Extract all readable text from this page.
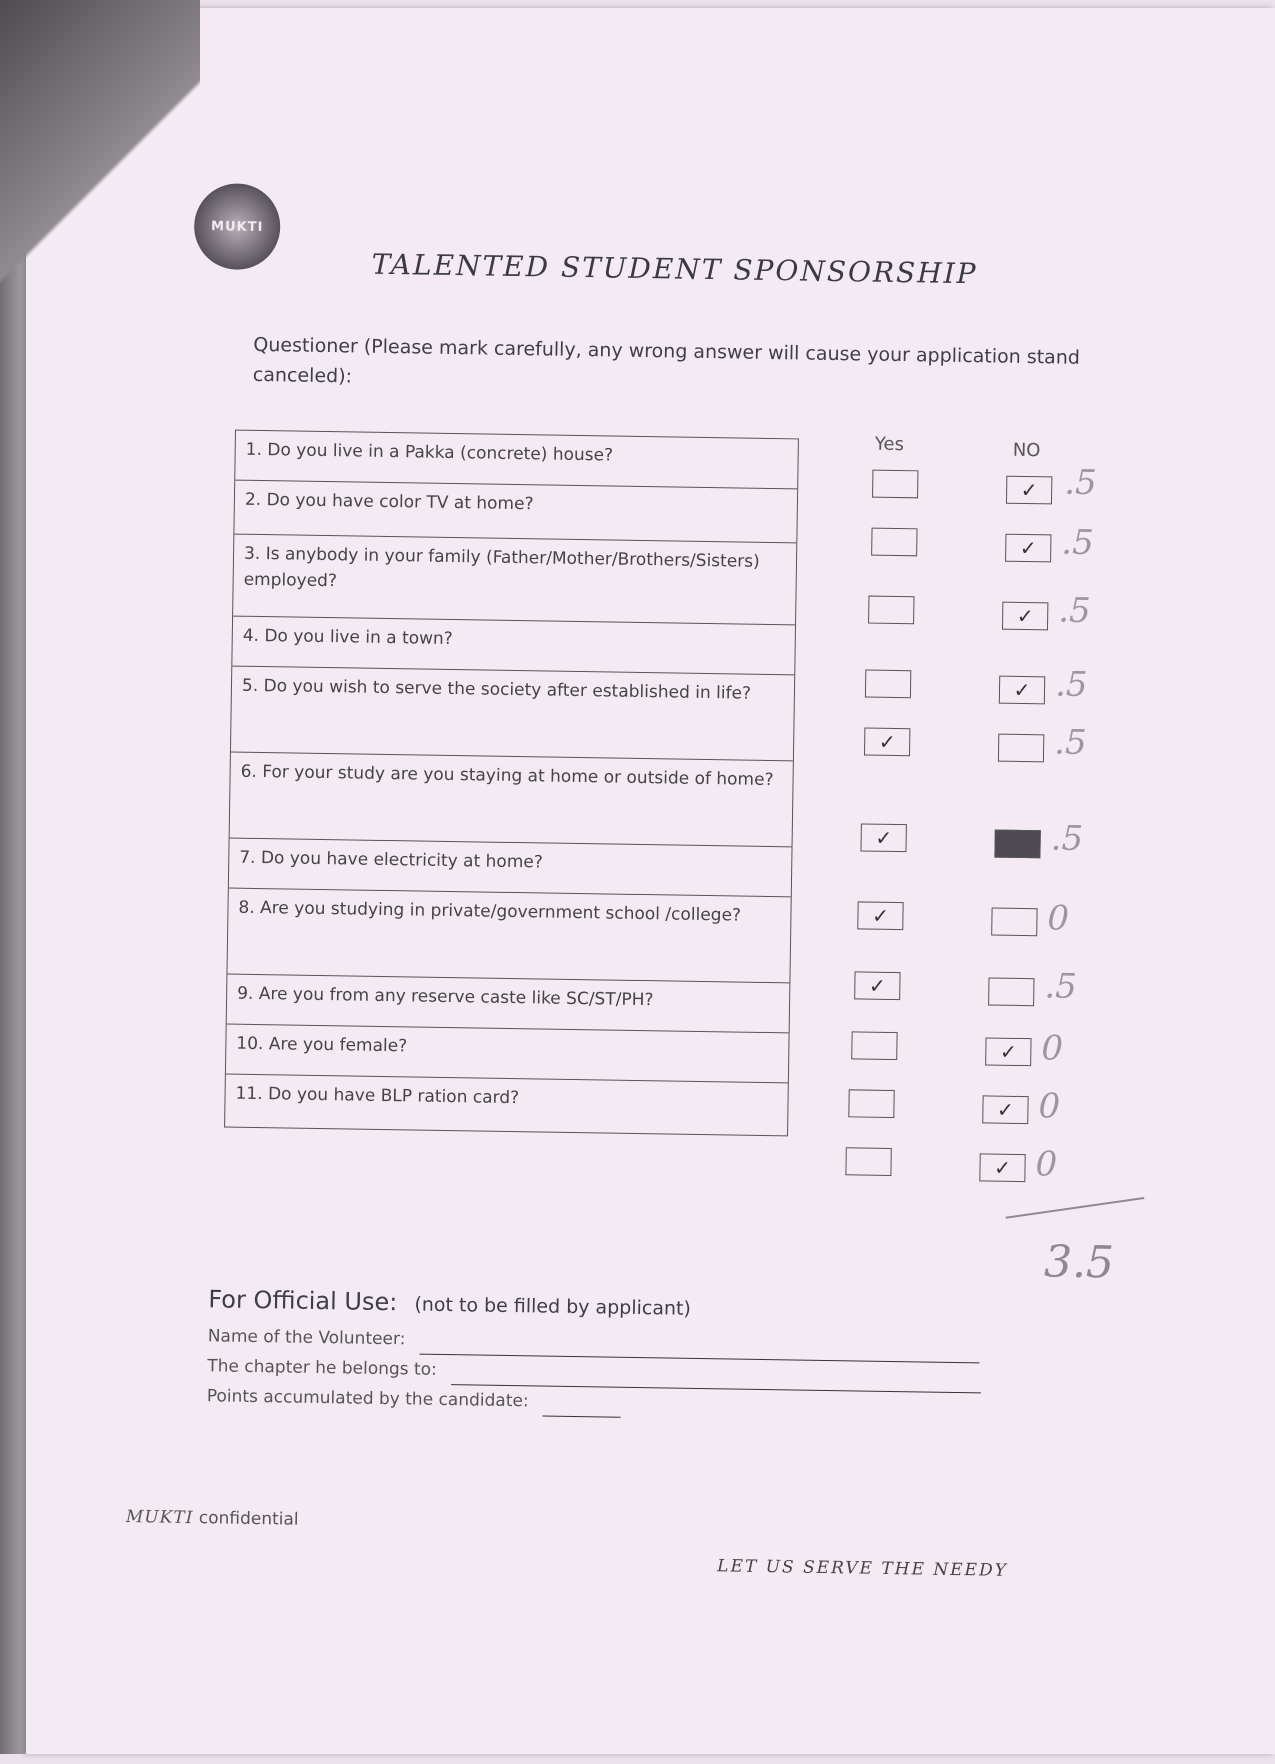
MUKTI
TALENTED STUDENT SPONSORSHIP
Questioner (Please mark carefully, any wrong answer will cause your application stand canceled):
Yes	NO
1. Do you live in a Pakka (concrete) house?
2. Do you have color TV at home?
3. Is anybody in your family (Father/Mother/Brothers/Sisters) employed?
4. Do you live in a town?
5. Do you wish to serve the society after established in life?
6. For your study are you staying at home or outside of home?
7. Do you have electricity at home?
8. Are you studying in private/government school /college?
9. Are you from any reserve caste like SC/ST/PH?
10. Are you female?
11. Do you have BLP ration card?
✓
✓
✓
✓
✓
✓
✓
✓
✓
✓
✓
.5
.5
.5
.5
.5
.5
0
.5
0
0
0
3.5
For Official Use: (not to be filled by applicant)
Name of the Volunteer:
The chapter he belongs to:
Points accumulated by the candidate:
MUKTI confidential
LET US SERVE THE NEEDY
